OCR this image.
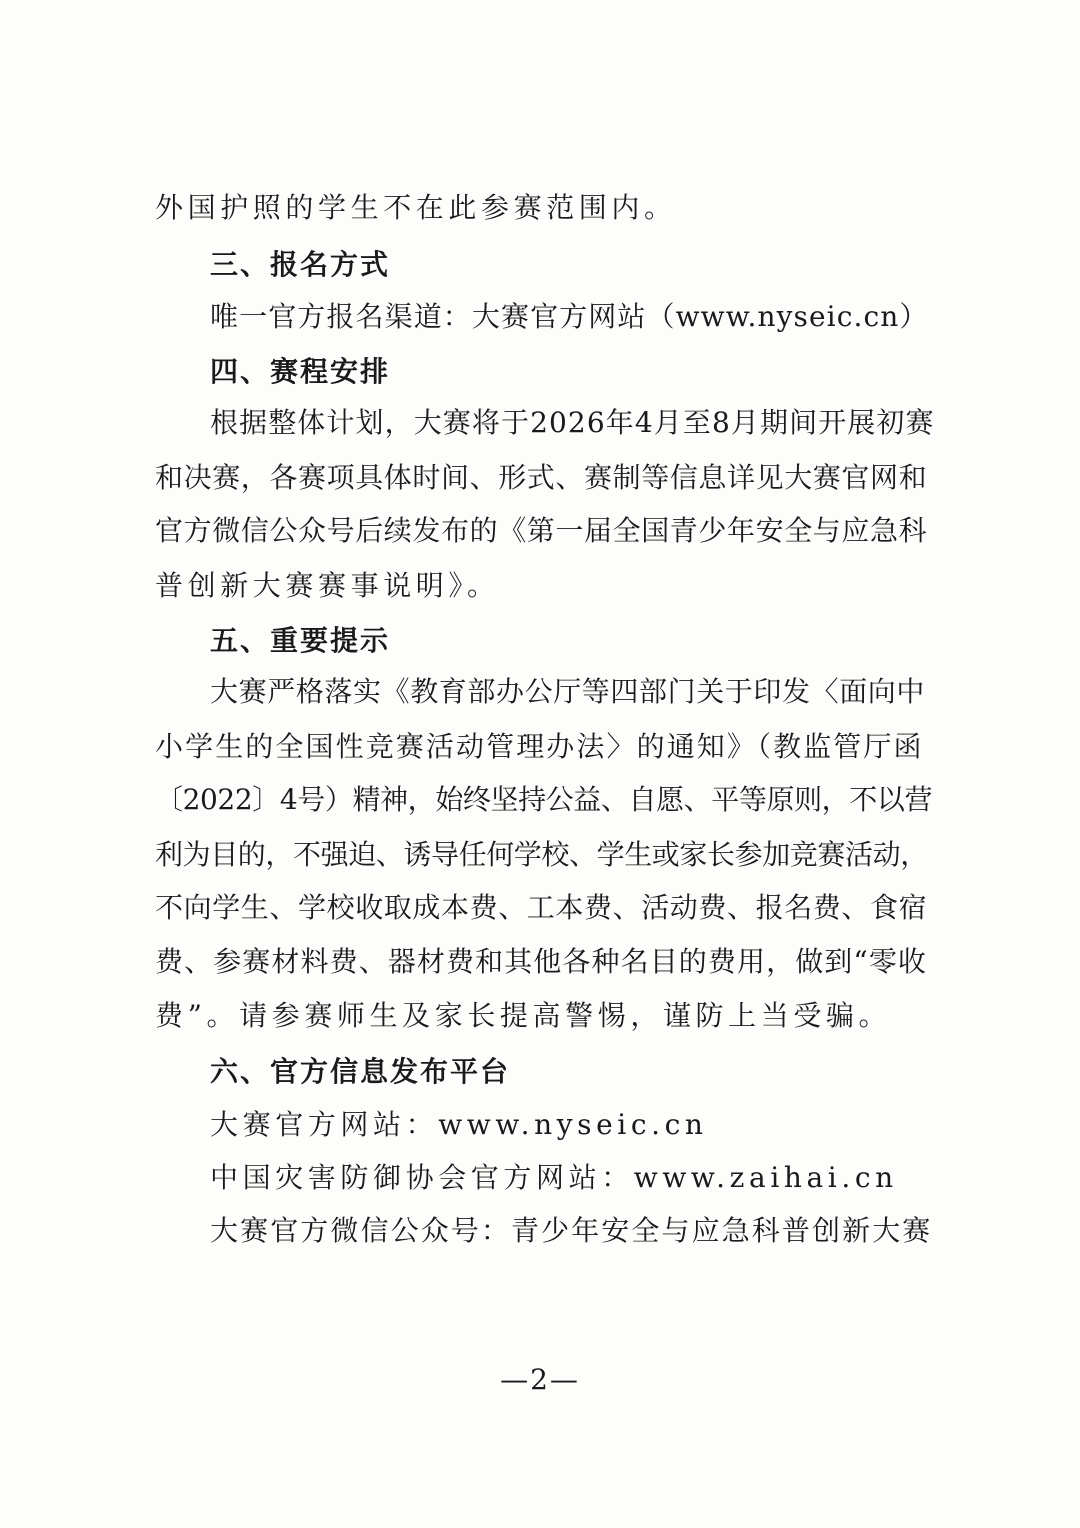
外国护照的学生不在此参赛范围内。
三、报名方式
唯一官方报名渠道：大赛官方网站（www.nyseic.cn）
四、赛程安排
根据整体计划，大赛将于2026年4月至8月期间开展初赛
和决赛，各赛项具体时间、形式、赛制等信息详见大赛官网和
官方微信公众号后续发布的《第一届全国青少年安全与应急科
普创新大赛赛事说明》。
五、重要提示
大赛严格落实《教育部办公厅等四部门关于印发〈面向中
小学生的全国性竞赛活动管理办法〉的通知》（教监管厅函
〔2022〕4号）精神，始终坚持公益、自愿、平等原则，不以营
利为目的，不强迫、诱导任何学校、学生或家长参加竞赛活动，
不向学生、学校收取成本费、工本费、活动费、报名费、食宿
费、参赛材料费、器材费和其他各种名目的费用，做到“零收
费”。请参赛师生及家长提高警惕，谨防上当受骗。
六、官方信息发布平台
大赛官方网站：www.nyseic.cn
中国灾害防御协会官方网站：www.zaihai.cn
大赛官方微信公众号：青少年安全与应急科普创新大赛
—2—
